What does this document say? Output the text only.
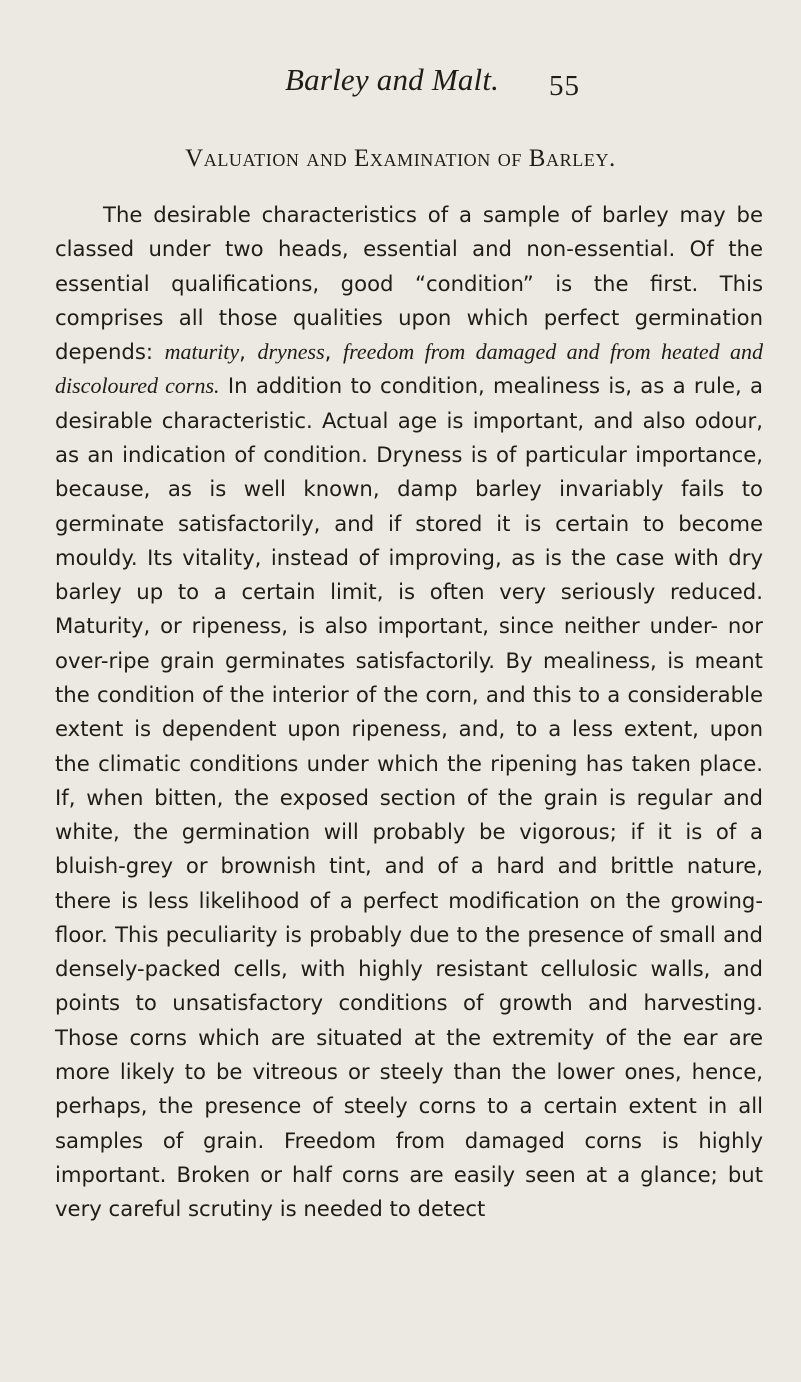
Barley and Malt. 55
Valuation and Examination of Barley.

The desirable characteristics of a sample of barley may be classed under two heads, essential and non-essential. Of the essential qualifications, good “condition” is the first. This comprises all those qualities upon which perfect germination depends: maturity, dryness, freedom from damaged and from heated and discoloured corns. In addition to condition, mealiness is, as a rule, a desirable characteristic. Actual age is important, and also odour, as an indication of condition. Dryness is of particular importance, because, as is well known, damp barley invariably fails to germinate satisfactorily, and if stored it is certain to become mouldy. Its vitality, instead of improving, as is the case with dry barley up to a certain limit, is often very seriously reduced. Maturity, or ripeness, is also important, since neither under- nor over-ripe grain germinates satisfactorily. By mealiness, is meant the condition of the interior of the corn, and this to a considerable extent is dependent upon ripeness, and, to a less extent, upon the climatic conditions under which the ripening has taken place. If, when bitten, the exposed section of the grain is regular and white, the germination will probably be vigorous; if it is of a bluish-grey or brownish tint, and of a hard and brittle nature, there is less likelihood of a perfect modification on the growing-floor. This peculiarity is probably due to the presence of small and densely-packed cells, with highly resistant cellulosic walls, and points to unsatisfactory conditions of growth and harvesting. Those corns which are situated at the extremity of the ear are more likely to be vitreous or steely than the lower ones, hence, perhaps, the presence of steely corns to a certain extent in all samples of grain. Freedom from damaged corns is highly important. Broken or half corns are easily seen at a glance; but very careful scrutiny is needed to detect
